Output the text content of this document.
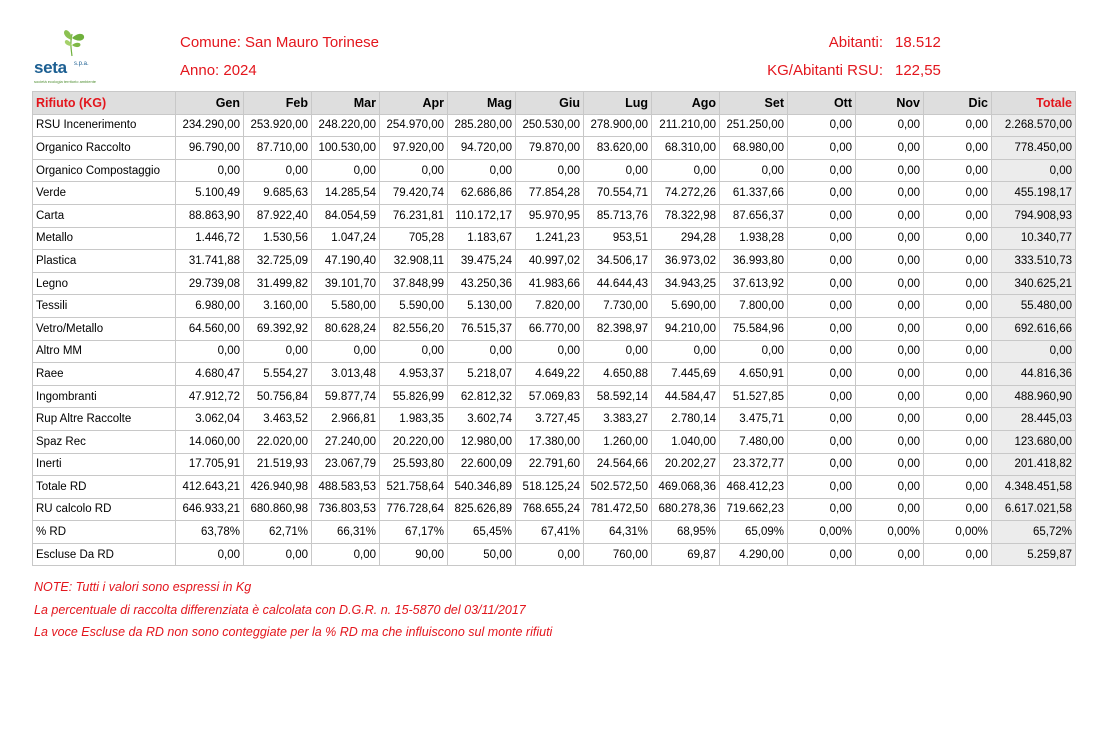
seta s.p.a.
società ecologia territorio ambiente
Comune: San Mauro Torinese
Anno: 2024
Abitanti: 18.512
KG/Abitanti RSU: 122,55
Rifiuto (KG)	Gen	Feb	Mar	Apr	Mag	Giu	Lug	Ago	Set	Ott	Nov	Dic	Totale
RSU Incenerimento	234.290,00	253.920,00	248.220,00	254.970,00	285.280,00	250.530,00	278.900,00	211.210,00	251.250,00	0,00	0,00	0,00	2.268.570,00
Organico Raccolto	96.790,00	87.710,00	100.530,00	97.920,00	94.720,00	79.870,00	83.620,00	68.310,00	68.980,00	0,00	0,00	0,00	778.450,00
Organico Compostaggio	0,00	0,00	0,00	0,00	0,00	0,00	0,00	0,00	0,00	0,00	0,00	0,00	0,00
Verde	5.100,49	9.685,63	14.285,54	79.420,74	62.686,86	77.854,28	70.554,71	74.272,26	61.337,66	0,00	0,00	0,00	455.198,17
Carta	88.863,90	87.922,40	84.054,59	76.231,81	110.172,17	95.970,95	85.713,76	78.322,98	87.656,37	0,00	0,00	0,00	794.908,93
Metallo	1.446,72	1.530,56	1.047,24	705,28	1.183,67	1.241,23	953,51	294,28	1.938,28	0,00	0,00	0,00	10.340,77
Plastica	31.741,88	32.725,09	47.190,40	32.908,11	39.475,24	40.997,02	34.506,17	36.973,02	36.993,80	0,00	0,00	0,00	333.510,73
Legno	29.739,08	31.499,82	39.101,70	37.848,99	43.250,36	41.983,66	44.644,43	34.943,25	37.613,92	0,00	0,00	0,00	340.625,21
Tessili	6.980,00	3.160,00	5.580,00	5.590,00	5.130,00	7.820,00	7.730,00	5.690,00	7.800,00	0,00	0,00	0,00	55.480,00
Vetro/Metallo	64.560,00	69.392,92	80.628,24	82.556,20	76.515,37	66.770,00	82.398,97	94.210,00	75.584,96	0,00	0,00	0,00	692.616,66
Altro MM	0,00	0,00	0,00	0,00	0,00	0,00	0,00	0,00	0,00	0,00	0,00	0,00	0,00
Raee	4.680,47	5.554,27	3.013,48	4.953,37	5.218,07	4.649,22	4.650,88	7.445,69	4.650,91	0,00	0,00	0,00	44.816,36
Ingombranti	47.912,72	50.756,84	59.877,74	55.826,99	62.812,32	57.069,83	58.592,14	44.584,47	51.527,85	0,00	0,00	0,00	488.960,90
Rup Altre Raccolte	3.062,04	3.463,52	2.966,81	1.983,35	3.602,74	3.727,45	3.383,27	2.780,14	3.475,71	0,00	0,00	0,00	28.445,03
Spaz Rec	14.060,00	22.020,00	27.240,00	20.220,00	12.980,00	17.380,00	1.260,00	1.040,00	7.480,00	0,00	0,00	0,00	123.680,00
Inerti	17.705,91	21.519,93	23.067,79	25.593,80	22.600,09	22.791,60	24.564,66	20.202,27	23.372,77	0,00	0,00	0,00	201.418,82
Totale RD	412.643,21	426.940,98	488.583,53	521.758,64	540.346,89	518.125,24	502.572,50	469.068,36	468.412,23	0,00	0,00	0,00	4.348.451,58
RU calcolo RD	646.933,21	680.860,98	736.803,53	776.728,64	825.626,89	768.655,24	781.472,50	680.278,36	719.662,23	0,00	0,00	0,00	6.617.021,58
% RD	63,78%	62,71%	66,31%	67,17%	65,45%	67,41%	64,31%	68,95%	65,09%	0,00%	0,00%	0,00%	65,72%
Escluse Da RD	0,00	0,00	0,00	90,00	50,00	0,00	760,00	69,87	4.290,00	0,00	0,00	0,00	5.259,87
NOTE: Tutti i valori sono espressi in Kg
La percentuale di raccolta differenziata è calcolata con D.G.R. n. 15-5870 del 03/11/2017
La voce Escluse da RD non sono conteggiate per la % RD ma che influiscono sul monte rifiuti
